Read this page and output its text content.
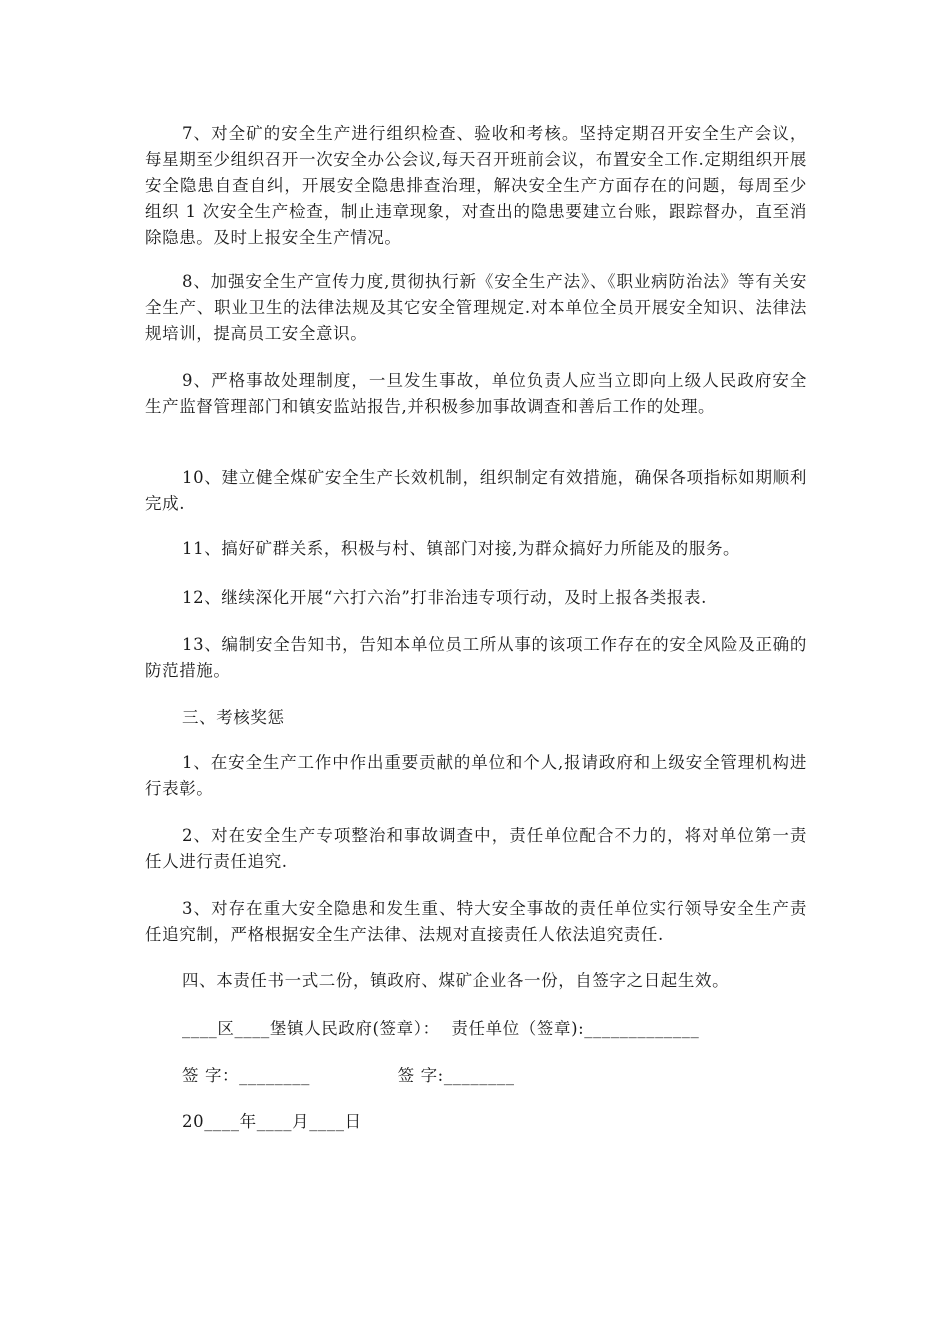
7、对全矿的安全生产进行组织检查、验收和考核。坚持定期召开安全生产会议，每星期至少组织召开一次安全办公会议,每天召开班前会议，布置安全工作.定期组织开展安全隐患自查自纠，开展安全隐患排查治理，解决安全生产方面存在的问题，每周至少组织 1 次安全生产检查，制止违章现象，对查出的隐患要建立台账，跟踪督办，直至消除隐患。及时上报安全生产情况。

8、加强安全生产宣传力度,贯彻执行新《安全生产法》、《职业病防治法》等有关安全生产、职业卫生的法律法规及其它安全管理规定.对本单位全员开展安全知识、法律法规培训，提高员工安全意识。

9、严格事故处理制度，一旦发生事故，单位负责人应当立即向上级人民政府安全生产监督管理部门和镇安监站报告,并积极参加事故调查和善后工作的处理。

10、建立健全煤矿安全生产长效机制，组织制定有效措施，确保各项指标如期顺利完成.

11、搞好矿群关系，积极与村、镇部门对接,为群众搞好力所能及的服务。

12、继续深化开展“六打六治”打非治违专项行动，及时上报各类报表.

13、编制安全告知书，告知本单位员工所从事的该项工作存在的安全风险及正确的防范措施。

三、考核奖惩

1、在安全生产工作中作出重要贡献的单位和个人,报请政府和上级安全管理机构进行表彰。

2、对在安全生产专项整治和事故调查中，责任单位配合不力的，将对单位第一责任人进行责任追究.

3、对存在重大安全隐患和发生重、特大安全事故的责任单位实行领导安全生产责任追究制，严格根据安全生产法律、法规对直接责任人依法追究责任.

四、本责任书一式二份，镇政府、煤矿企业各一份，自签字之日起生效。

____区____堡镇人民政府(签章）：  责任单位（签章):_____________

签 字：________               签 字:________

20____年____月____日
